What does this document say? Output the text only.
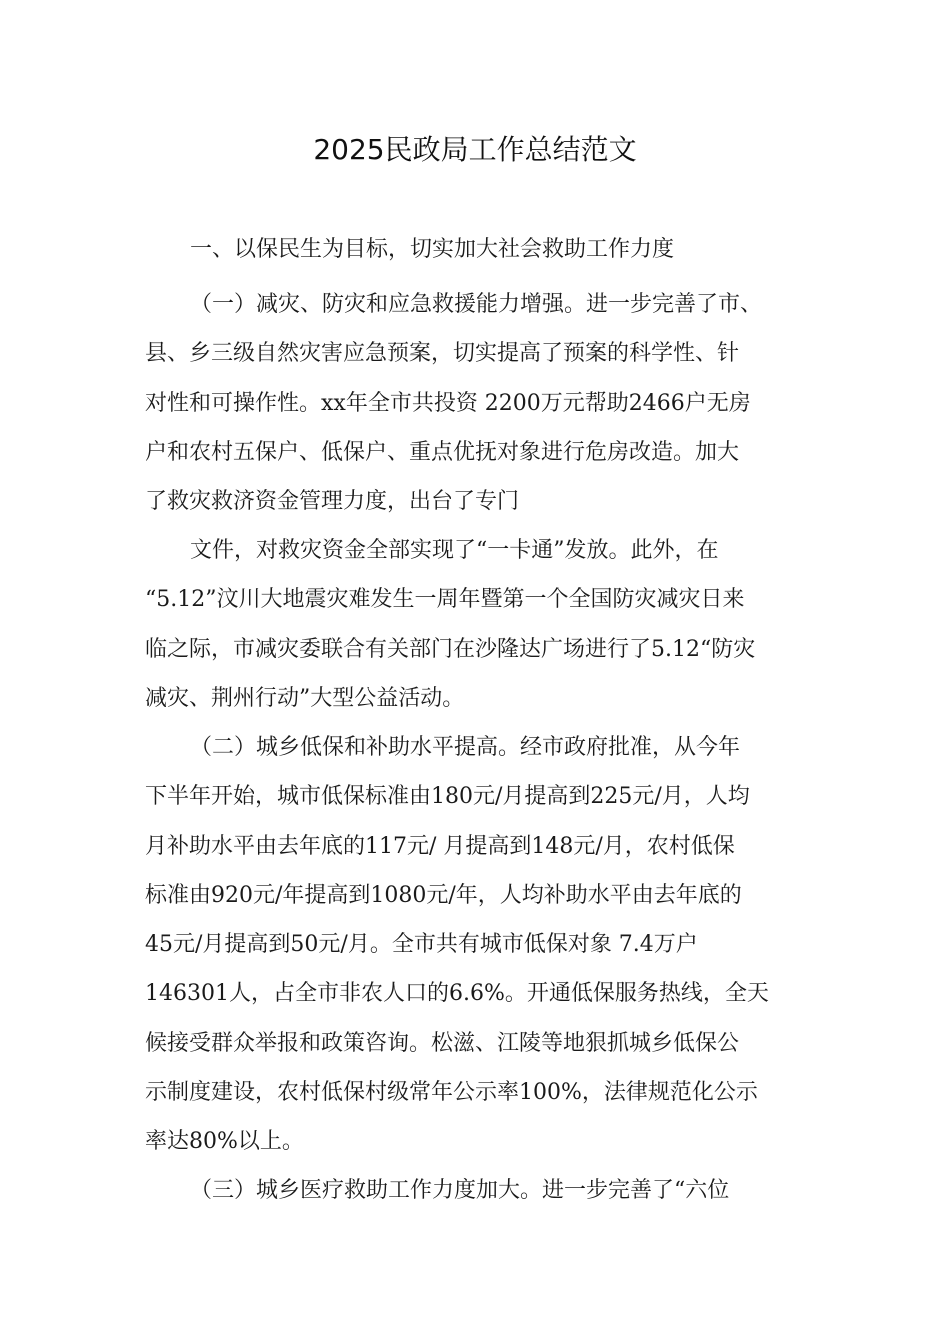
2025民政局工作总结范文
一、以保民生为目标，切实加大社会救助工作力度
（一）减灾、防灾和应急救援能力增强。进一步完善了市、
县、乡三级自然灾害应急预案，切实提高了预案的科学性、针
对性和可操作性。xx年全市共投资 2200万元帮助2466户无房
户和农村五保户、低保户、重点优抚对象进行危房改造。加大
了救灾救济资金管理力度，出台了专门
文件，对救灾资金全部实现了“一卡通”发放。此外，在
“5.12”汶川大地震灾难发生一周年暨第一个全国防灾减灾日来
临之际，市减灾委联合有关部门在沙隆达广场进行了5.12“防灾
减灾、荆州行动”大型公益活动。
（二）城乡低保和补助水平提高。经市政府批准，从今年
下半年开始，城市低保标准由180元/月提高到225元/月，人均
月补助水平由去年底的117元/ 月提高到148元/月，农村低保
标准由920元/年提高到1080元/年，人均补助水平由去年底的
45元/月提高到50元/月。全市共有城市低保对象 7.4万户
146301人，占全市非农人口的6.6%。开通低保服务热线，全天
候接受群众举报和政策咨询。松滋、江陵等地狠抓城乡低保公
示制度建设，农村低保村级常年公示率100%，法律规范化公示
率达80%以上。
（三）城乡医疗救助工作力度加大。进一步完善了“六位
